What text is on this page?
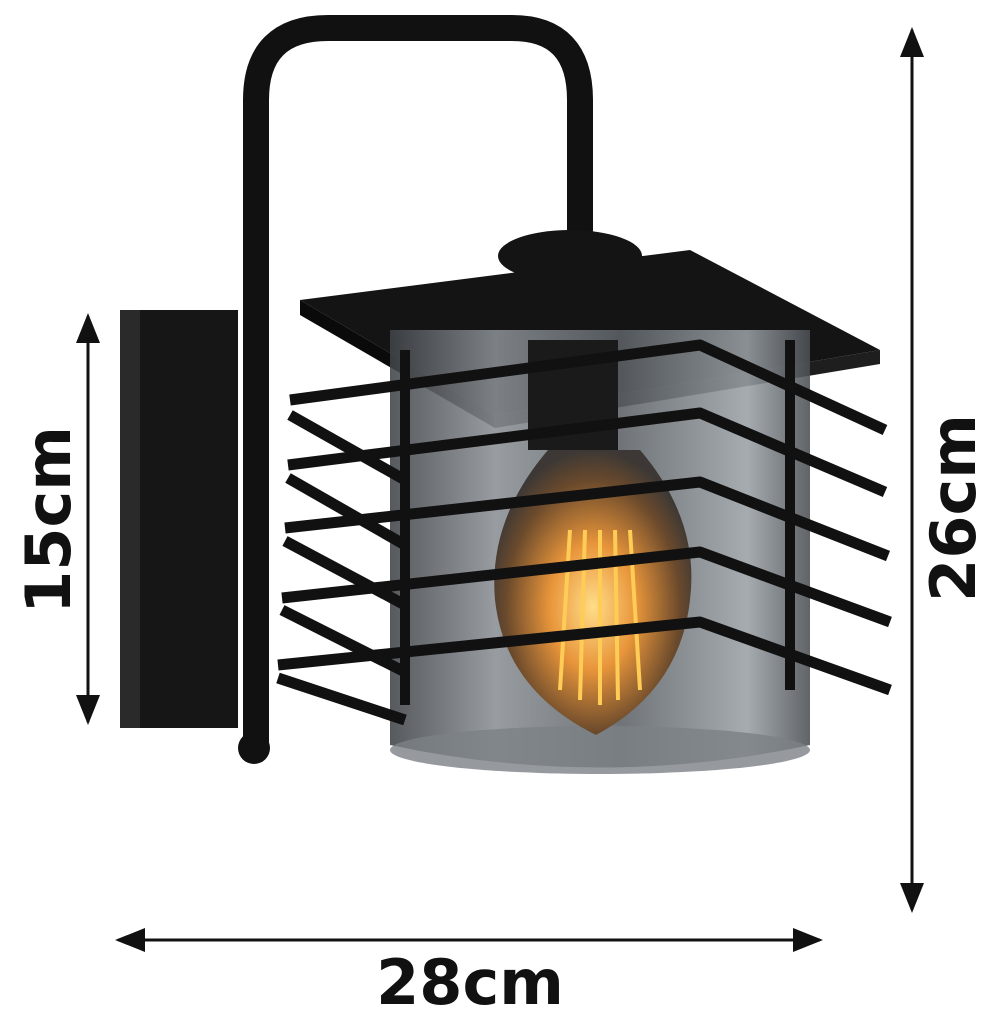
15cm	26cm
28cm
